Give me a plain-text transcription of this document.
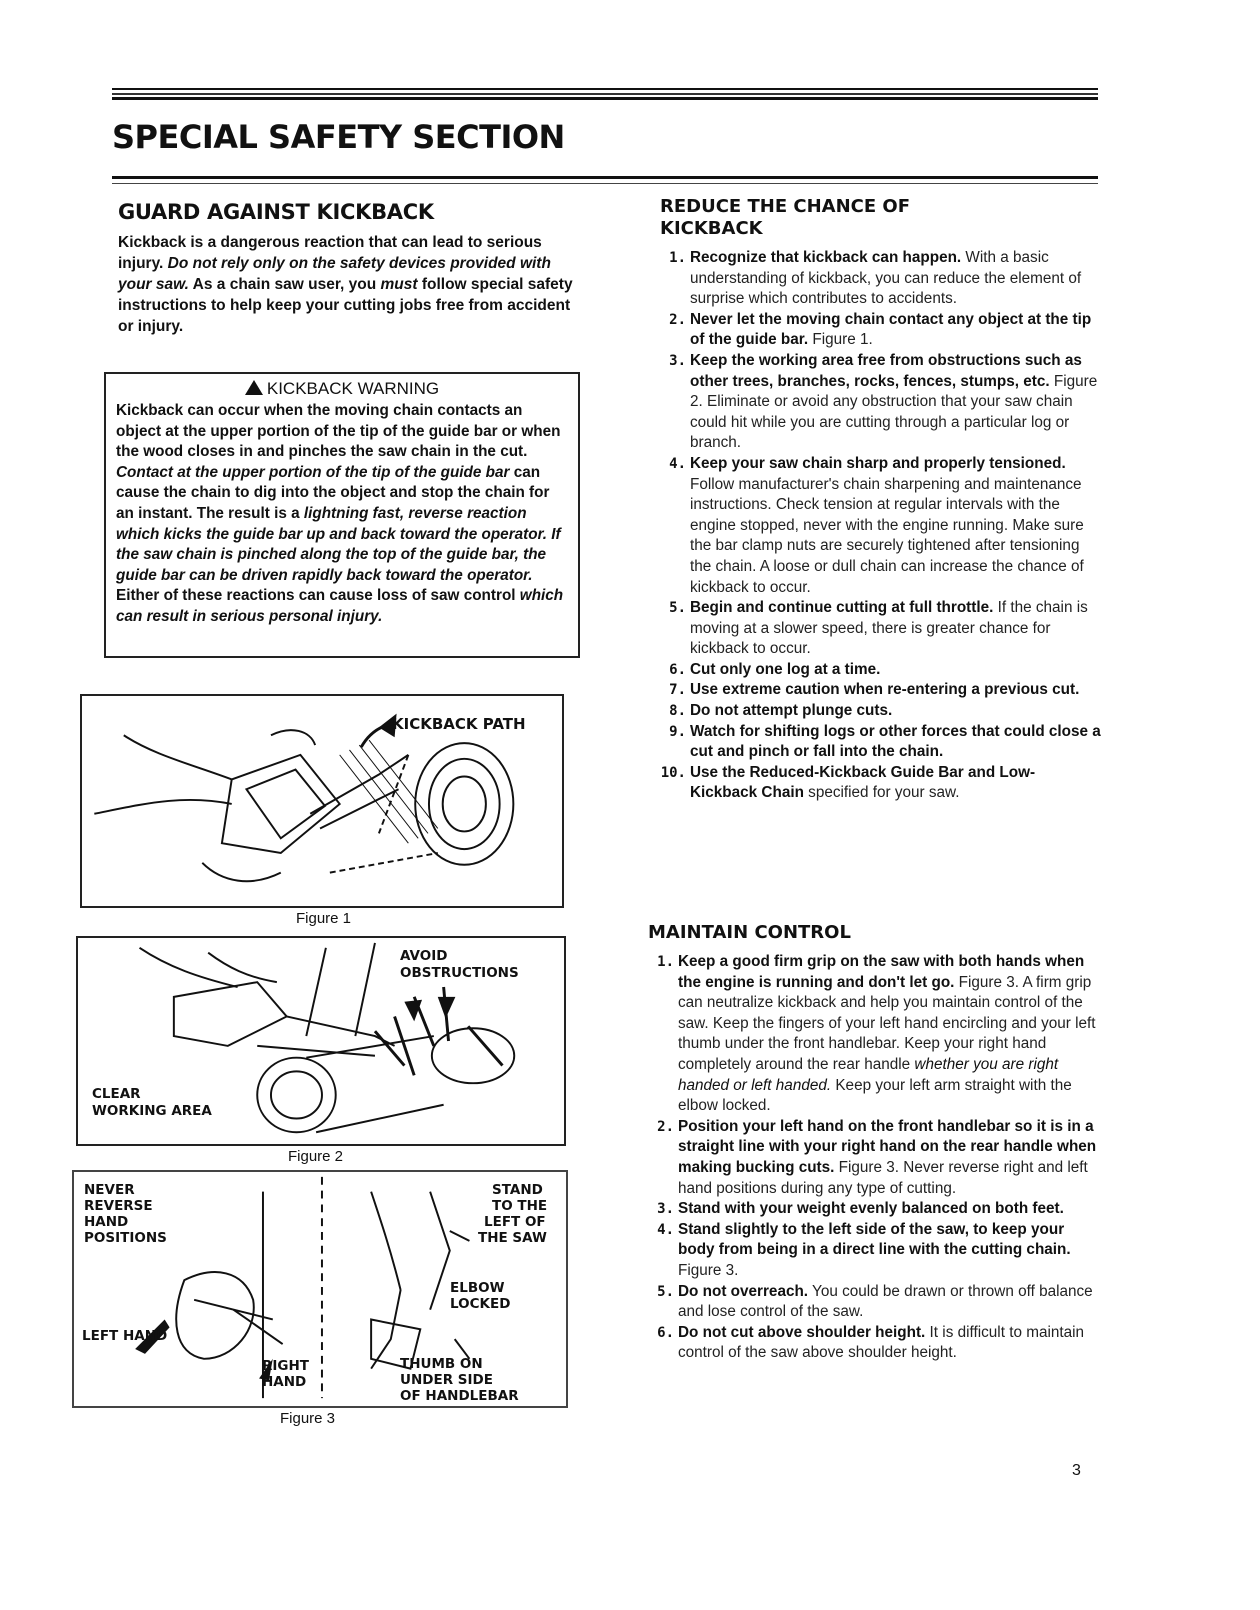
SPECIAL SAFETY SECTION
GUARD AGAINST KICKBACK

Kickback is a dangerous reaction that can lead to serious injury. Do not rely only on the safety devices provided with your saw. As a chain saw user, you must follow special safety instructions to help keep your cutting jobs free from accident or injury.

KICKBACK WARNING

Kickback can occur when the moving chain contacts an object at the upper portion of the tip of the guide bar or when the wood closes in and pinches the saw chain in the cut. Contact at the upper portion of the tip of the guide bar can cause the chain to dig into the object and stop the chain for an instant. The result is a lightning fast, reverse reaction which kicks the guide bar up and back toward the operator. If the saw chain is pinched along the top of the guide bar, the guide bar can be driven rapidly back toward the operator. Either of these reactions can cause loss of saw control which can result in serious personal injury.

KICKBACK PATH
Figure 1
AVOID
OBSTRUCTIONS
CLEAR
WORKING AREA
Figure 2
NEVER
REVERSE
HAND
POSITIONS
LEFT HAND
RIGHT
HAND
STAND
TO THE
LEFT OF
THE SAW
ELBOW
LOCKED
THUMB ON
UNDER SIDE
OF HANDLEBAR
Figure 3
REDUCE THE CHANCE OF KICKBACK
1. Recognize that kickback can happen. With a basic understanding of kickback, you can reduce the element of surprise which contributes to accidents.
2. Never let the moving chain contact any object at the tip of the guide bar. Figure 1.
3. Keep the working area free from obstructions such as other trees, branches, rocks, fences, stumps, etc. Figure 2. Eliminate or avoid any obstruction that your saw chain could hit while you are cutting through a particular log or branch.
4. Keep your saw chain sharp and properly tensioned. Follow manufacturer's chain sharpening and maintenance instructions. Check tension at regular intervals with the engine stopped, never with the engine running. Make sure the bar clamp nuts are securely tightened after tensioning the chain. A loose or dull chain can increase the chance of kickback to occur.
5. Begin and continue cutting at full throttle. If the chain is moving at a slower speed, there is greater chance for kickback to occur.
6. Cut only one log at a time.
7. Use extreme caution when re-entering a previous cut.
8. Do not attempt plunge cuts.
9. Watch for shifting logs or other forces that could close a cut and pinch or fall into the chain.
10. Use the Reduced-Kickback Guide Bar and Low-Kickback Chain specified for your saw.
MAINTAIN CONTROL
1. Keep a good firm grip on the saw with both hands when the engine is running and don't let go. Figure 3. A firm grip can neutralize kickback and help you maintain control of the saw. Keep the fingers of your left hand encircling and your left thumb under the front handlebar. Keep your right hand completely around the rear handle whether you are right handed or left handed. Keep your left arm straight with the elbow locked.
2. Position your left hand on the front handlebar so it is in a straight line with your right hand on the rear handle when making bucking cuts. Figure 3. Never reverse right and left hand positions during any type of cutting.
3. Stand with your weight evenly balanced on both feet.
4. Stand slightly to the left side of the saw, to keep your body from being in a direct line with the cutting chain. Figure 3.
5. Do not overreach. You could be drawn or thrown off balance and lose control of the saw.
6. Do not cut above shoulder height. It is difficult to maintain control of the saw above shoulder height.
3
